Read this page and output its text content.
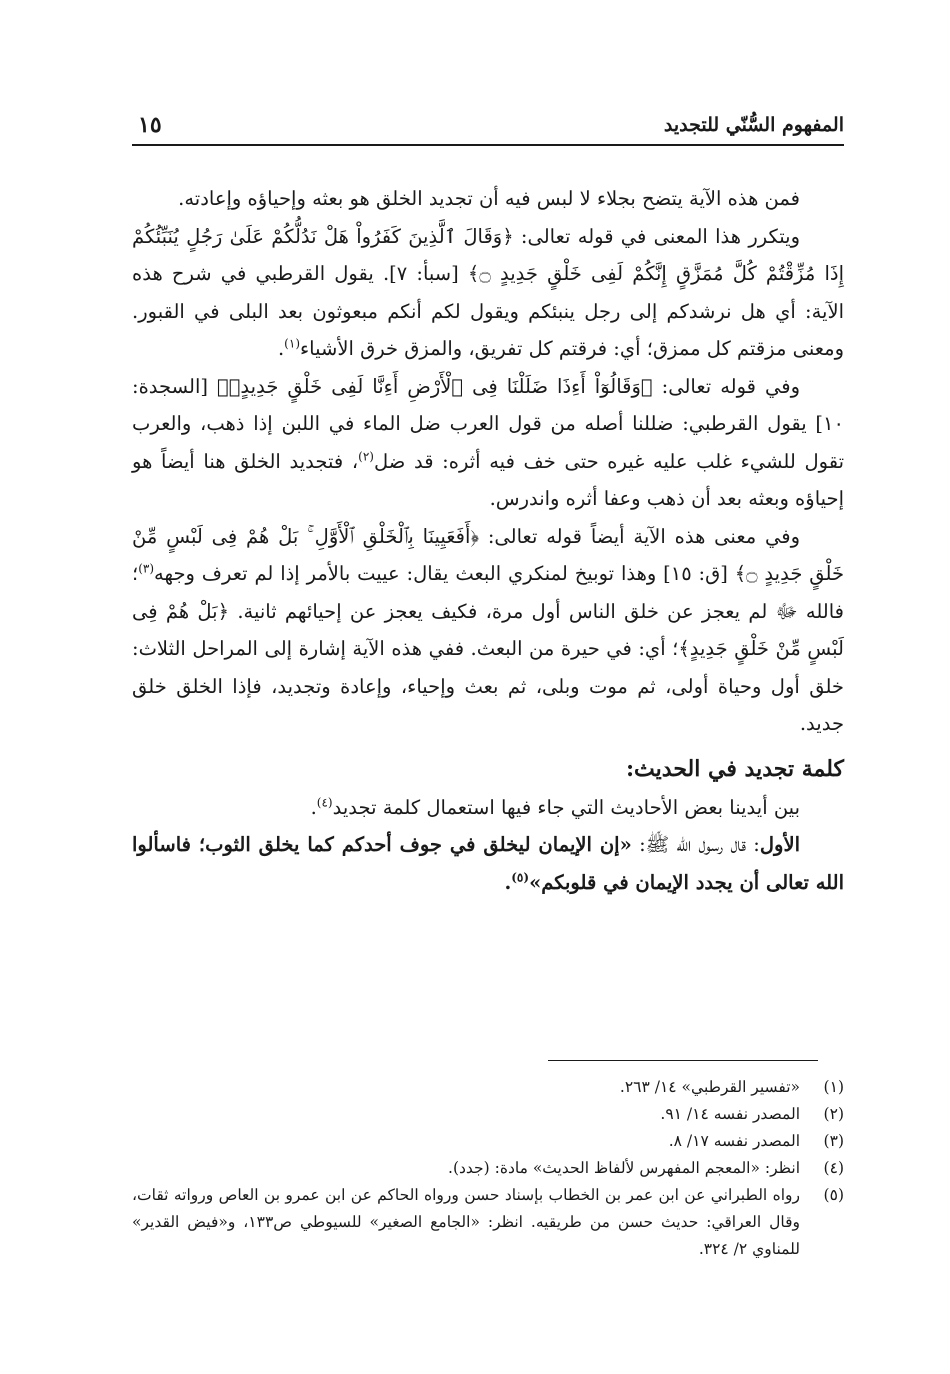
المفهوم السُّنّي للتجديد
١٥

فمن هذه الآية يتضح بجلاء لا لبس فيه أن تجديد الخلق هو بعثه وإحياؤه وإعادته.

ويتكرر هذا المعنى في قوله تعالى: ﴿وَقَالَ ٱلَّذِينَ كَفَرُواْ هَلْ نَدُلُّكُمْ عَلَىٰ رَجُلٍ يُنَبِّئُكُمْ إِذَا مُزِّقْتُمْ كُلَّ مُمَزَّقٍ إِنَّكُمْ لَفِى خَلْقٍ جَدِيدٍ ۝﴾ [سبأ: ٧]. يقول القرطبي في شرح هذه الآية: أي هل نرشدكم إلى رجل ينبئكم ويقول لكم أنكم مبعوثون بعد البلى في القبور. ومعنى مزقتم كل ممزق؛ أي: فرقتم كل تفريق، والمزق خرق الأشياء$^{(١)}$.

وفي قوله تعالى: ﴿وَقَالُوٓاْ أَءِذَا ضَلَلْنَا فِى ٱلْأَرْضِ أَءِنَّا لَفِى خَلْقٍ جَدِيدٍۭ﴾ [السجدة: ١٠] يقول القرطبي: ضللنا أصله من قول العرب ضل الماء في اللبن إذا ذهب، والعرب تقول للشيء غلب عليه غيره حتى خف فيه أثره: قد ضل$^{(٢)}$، فتجديد الخلق هنا أيضاً هو إحياؤه وبعثه بعد أن ذهب وعفا أثره واندرس.

وفي معنى هذه الآية أيضاً قوله تعالى: ﴿أَفَعَيِينَا بِٱلْخَلْقِ ٱلْأَوَّلِ ۚ بَلْ هُمْ فِى لَبْسٍ مِّنْ خَلْقٍ جَدِيدٍ ۝﴾ [ق: ١٥] وهذا توبيخ لمنكري البعث يقال: عييت بالأمر إذا لم تعرف وجهه$^{(٣)}$؛ فالله ﷻ لم يعجز عن خلق الناس أول مرة، فكيف يعجز عن إحيائهم ثانية. ﴿بَلْ هُمْ فِى لَبْسٍ مِّنْ خَلْقٍ جَدِيدٍ﴾؛ أي: في حيرة من البعث. ففي هذه الآية إشارة إلى المراحل الثلاث: خلق أول وحياة أولى، ثم موت وبلى، ثم بعث وإحياء، وإعادة وتجديد، فإذا الخلق خلق جديد.

كلمة تجديد في الحديث:

بين أيدينا بعض الأحاديث التي جاء فيها استعمال كلمة تجديد$^{(٤)}$.

الأول: قال رسول الله ﷺ: «إن الإيمان ليخلق في جوف أحدكم كما يخلق الثوب؛ فاسألوا الله تعالى أن يجدد الإيمان في قلوبكم»$^{(٥)}$.

(١)
«تفسير القرطبي» ١٤/ ٢٦٣.
(٢)
المصدر نفسه ١٤/ ٩١.
(٣)
المصدر نفسه ١٧/ ٨.
(٤)
انظر: «المعجم المفهرس لألفاظ الحديث» مادة: (جدد).
(٥)
رواه الطبراني عن ابن عمر بن الخطاب بإسناد حسن ورواه الحاكم عن ابن عمرو بن العاص ورواته ثقات، وقال العراقي: حديث حسن من طريقيه. انظر: «الجامع الصغير» للسيوطي ص١٣٣، و«فيض القدير» للمناوي ٢/ ٣٢٤.
